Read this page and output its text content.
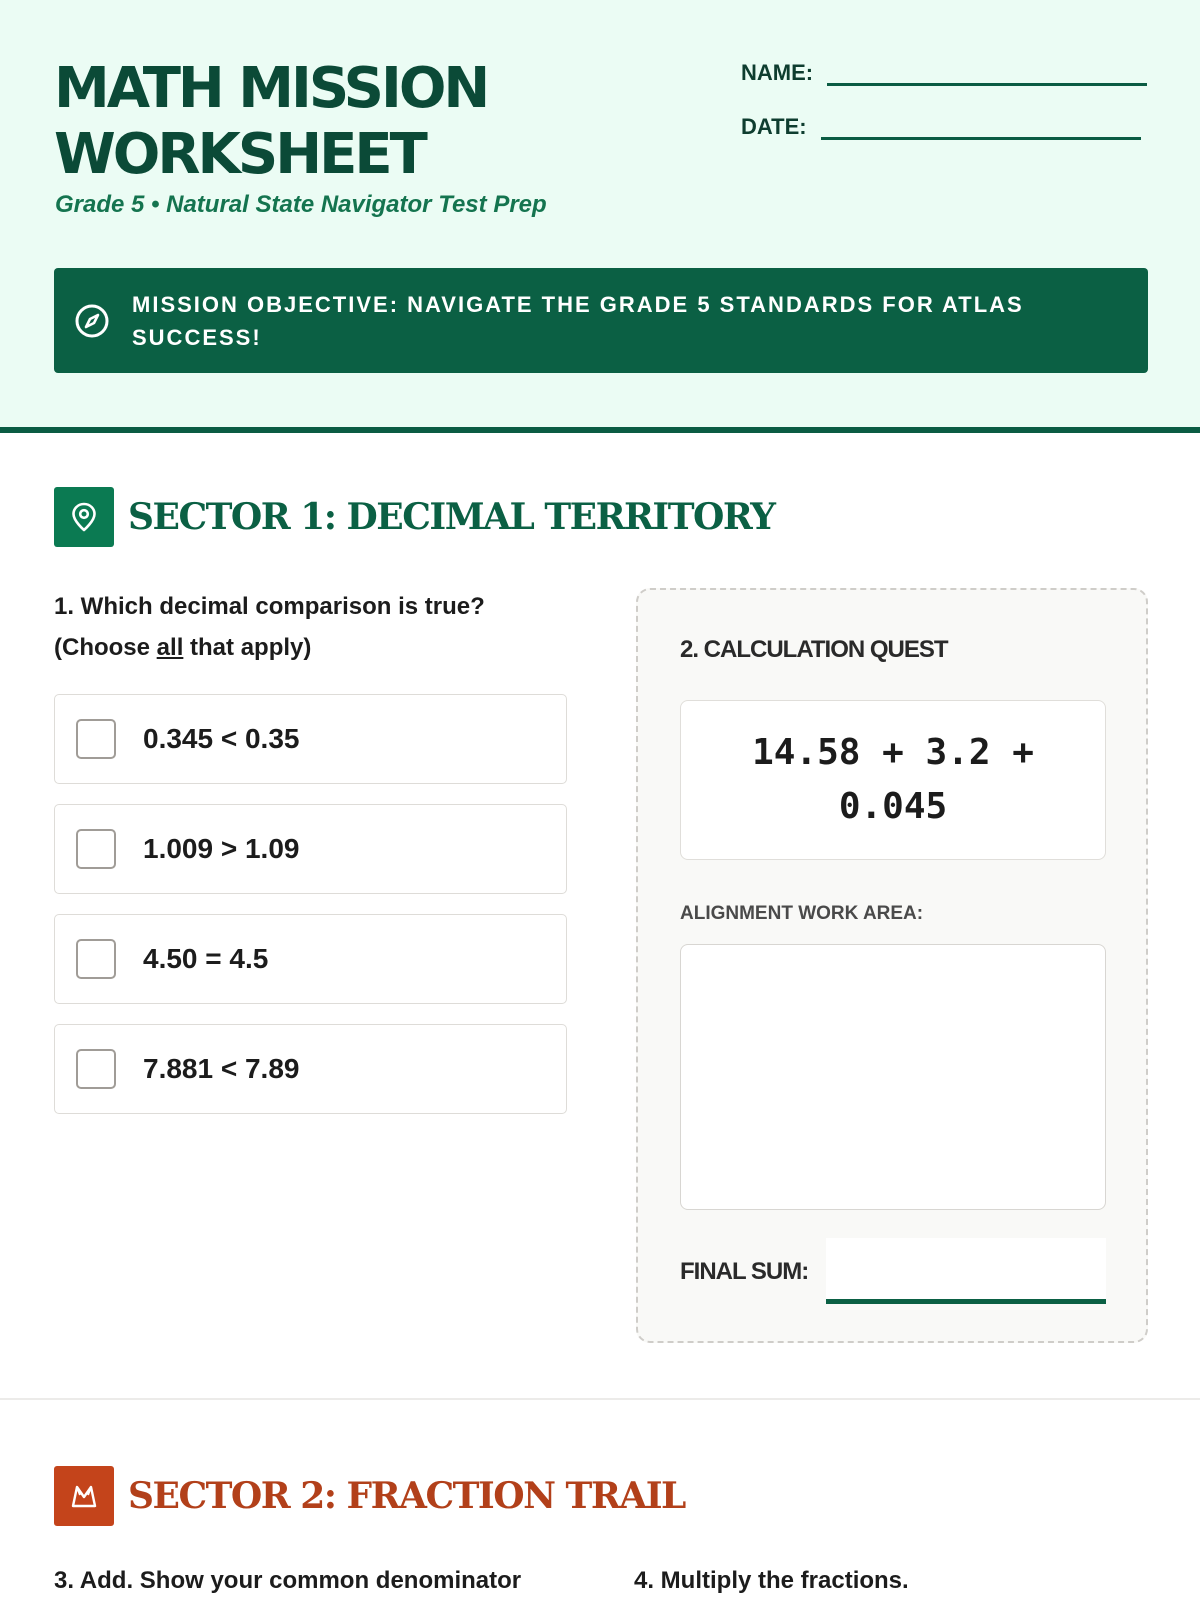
MATH MISSION
WORKSHEET
Grade 5 • Natural State Navigator Test Prep
NAME:
DATE:
MISSION OBJECTIVE: NAVIGATE THE GRADE 5 STANDARDS FOR ATLAS SUCCESS!
SECTOR 1: DECIMAL TERRITORY
1. Which decimal comparison is true? (Choose all that apply)
0.345 < 0.35
1.009 > 1.09
4.50 = 4.5
7.881 < 7.89
2. CALCULATION QUEST
14.58 + 3.2 + 0.045
ALIGNMENT WORK AREA:
FINAL SUM:
SECTOR 2: FRACTION TRAIL
3. Add. Show your common denominator	4. Multiply the fractions.
